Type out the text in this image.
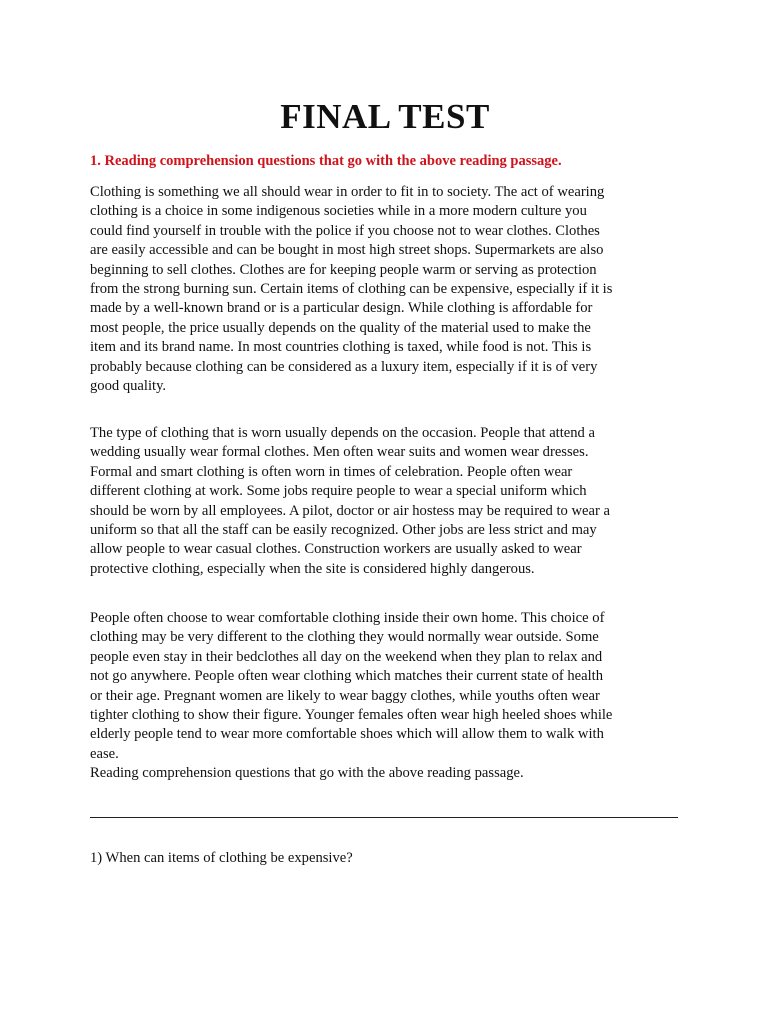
FINAL TEST

1. Reading comprehension questions that go with the above reading passage.

Clothing is something we all should wear in order to fit in to society. The act of wearing
clothing is a choice in some indigenous societies while in a more modern culture you
could find yourself in trouble with the police if you choose not to wear clothes. Clothes
are easily accessible and can be bought in most high street shops. Supermarkets are also
beginning to sell clothes. Clothes are for keeping people warm or serving as protection
from the strong burning sun. Certain items of clothing can be expensive, especially if it is
made by a well-known brand or is a particular design. While clothing is affordable for
most people, the price usually depends on the quality of the material used to make the
item and its brand name. In most countries clothing is taxed, while food is not. This is
probably because clothing can be considered as a luxury item, especially if it is of very
good quality.
The type of clothing that is worn usually depends on the occasion. People that attend a
wedding usually wear formal clothes. Men often wear suits and women wear dresses.
Formal and smart clothing is often worn in times of celebration. People often wear
different clothing at work. Some jobs require people to wear a special uniform which
should be worn by all employees. A pilot, doctor or air hostess may be required to wear a
uniform so that all the staff can be easily recognized. Other jobs are less strict and may
allow people to wear casual clothes. Construction workers are usually asked to wear
protective clothing, especially when the site is considered highly dangerous.
People often choose to wear comfortable clothing inside their own home. This choice of
clothing may be very different to the clothing they would normally wear outside. Some
people even stay in their bedclothes all day on the weekend when they plan to relax and
not go anywhere. People often wear clothing which matches their current state of health
or their age. Pregnant women are likely to wear baggy clothes, while youths often wear
tighter clothing to show their figure. Younger females often wear high heeled shoes while
elderly people tend to wear more comfortable shoes which will allow them to walk with
ease.
Reading comprehension questions that go with the above reading passage.

1) When can items of clothing be expensive?
